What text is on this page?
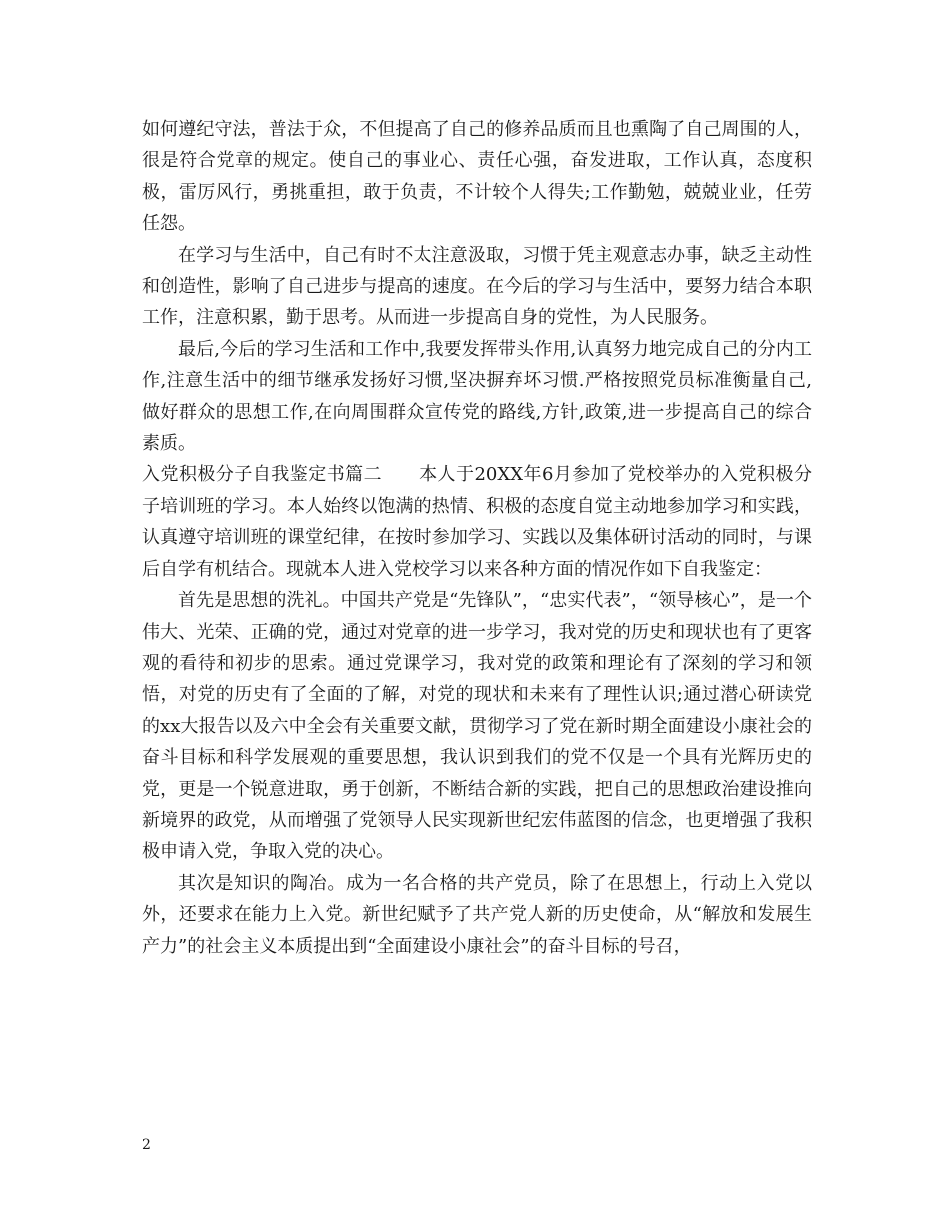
如何遵纪守法，普法于众，不但提高了自己的修养品质而且也熏陶了自己周围的人，很是符合党章的规定。使自己的事业心、责任心强，奋发进取，工作认真，态度积极，雷厉风行，勇挑重担，敢于负责，不计较个人得失;工作勤勉，兢兢业业，任劳任怨。

在学习与生活中，自己有时不太注意汲取，习惯于凭主观意志办事，缺乏主动性和创造性，影响了自己进步与提高的速度。在今后的学习与生活中，要努力结合本职工作，注意积累，勤于思考。从而进一步提高自身的党性，为人民服务。

最后,今后的学习生活和工作中,我要发挥带头作用,认真努力地完成自己的分内工作,注意生活中的细节继承发扬好习惯,坚决摒弃坏习惯.严格按照党员标准衡量自己,做好群众的思想工作,在向周围群众宣传党的路线,方针,政策,进一步提高自己的综合素质。

入党积极分子自我鉴定书篇二　　本人于20XX年6月参加了党校举办的入党积极分子培训班的学习。本人始终以饱满的热情、积极的态度自觉主动地参加学习和实践，认真遵守培训班的课堂纪律，在按时参加学习、实践以及集体研讨活动的同时，与课后自学有机结合。现就本人进入党校学习以来各种方面的情况作如下自我鉴定：

首先是思想的洗礼。中国共产党是“先锋队”，“忠实代表”，“领导核心”，是一个伟大、光荣、正确的党，通过对党章的进一步学习，我对党的历史和现状也有了更客观的看待和初步的思索。通过党课学习，我对党的政策和理论有了深刻的学习和领悟，对党的历史有了全面的了解，对党的现状和未来有了理性认识;通过潜心研读党的xx大报告以及六中全会有关重要文献，贯彻学习了党在新时期全面建设小康社会的奋斗目标和科学发展观的重要思想，我认识到我们的党不仅是一个具有光辉历史的党，更是一个锐意进取，勇于创新，不断结合新的实践，把自己的思想政治建设推向新境界的政党，从而增强了党领导人民实现新世纪宏伟蓝图的信念，也更增强了我积极申请入党，争取入党的决心。

其次是知识的陶冶。成为一名合格的共产党员，除了在思想上，行动上入党以外，还要求在能力上入党。新世纪赋予了共产党人新的历史使命，从“解放和发展生产力”的社会主义本质提出到“全面建设小康社会”的奋斗目标的号召，

2
